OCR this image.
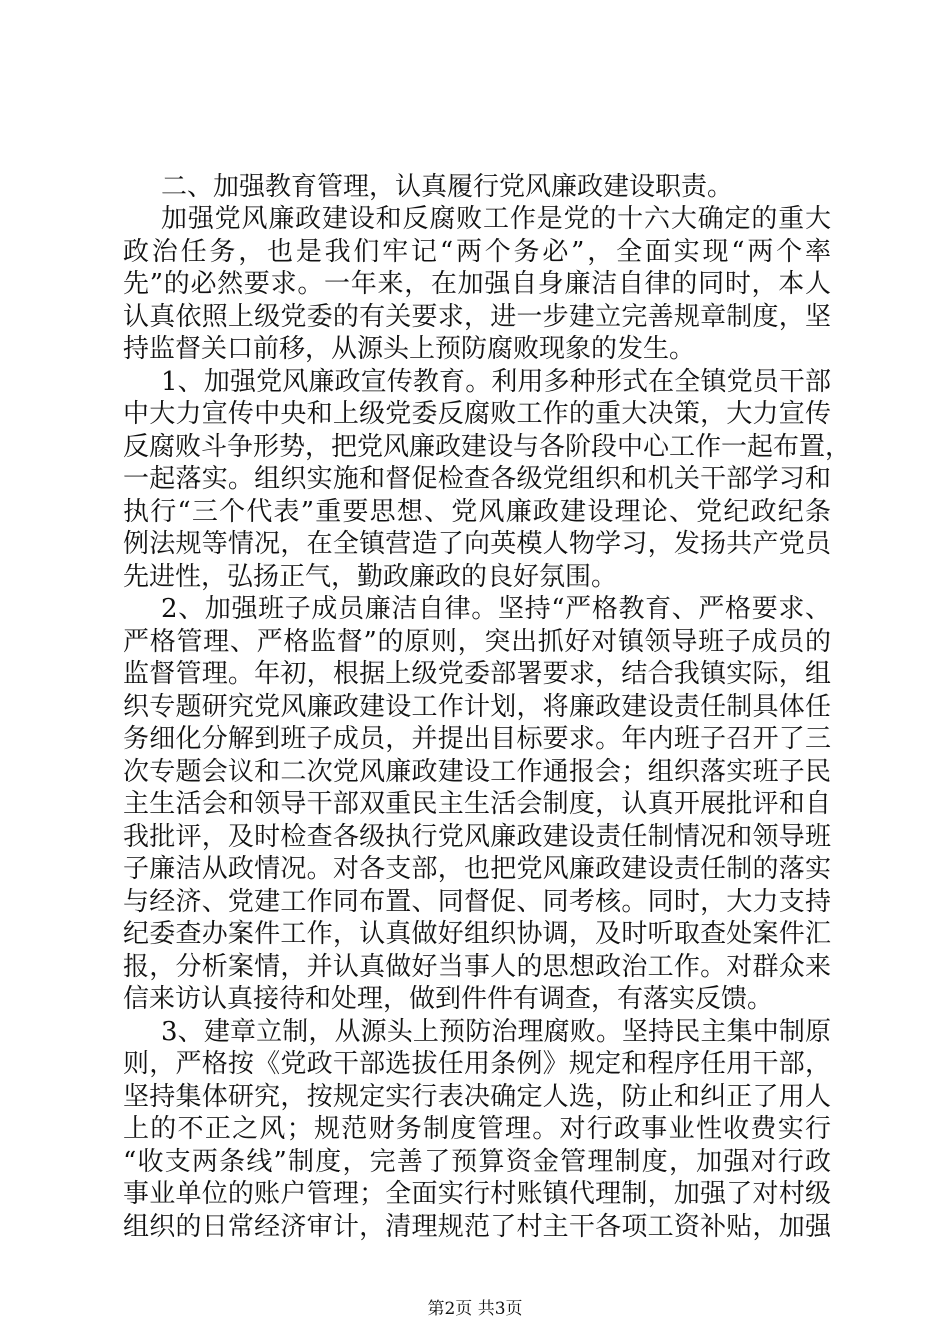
二、加强教育管理，认真履行党风廉政建设职责。
加强党风廉政建设和反腐败工作是党的十六大确定的重大
政治任务，也是我们牢记“两个务必”，全面实现“两个率
先”的必然要求。一年来，在加强自身廉洁自律的同时，本人
认真依照上级党委的有关要求，进一步建立完善规章制度，坚
持监督关口前移，从源头上预防腐败现象的发生。
1、加强党风廉政宣传教育。利用多种形式在全镇党员干部
中大力宣传中央和上级党委反腐败工作的重大决策，大力宣传
反腐败斗争形势，把党风廉政建设与各阶段中心工作一起布置，
一起落实。组织实施和督促检查各级党组织和机关干部学习和
执行“三个代表”重要思想、党风廉政建设理论、党纪政纪条
例法规等情况，在全镇营造了向英模人物学习，发扬共产党员
先进性，弘扬正气，勤政廉政的良好氛围。
2、加强班子成员廉洁自律。坚持“严格教育、严格要求、
严格管理、严格监督”的原则，突出抓好对镇领导班子成员的
监督管理。年初，根据上级党委部署要求，结合我镇实际，组
织专题研究党风廉政建设工作计划，将廉政建设责任制具体任
务细化分解到班子成员，并提出目标要求。年内班子召开了三
次专题会议和二次党风廉政建设工作通报会；组织落实班子民
主生活会和领导干部双重民主生活会制度，认真开展批评和自
我批评，及时检查各级执行党风廉政建设责任制情况和领导班
子廉洁从政情况。对各支部，也把党风廉政建设责任制的落实
与经济、党建工作同布置、同督促、同考核。同时，大力支持
纪委查办案件工作，认真做好组织协调，及时听取查处案件汇
报，分析案情，并认真做好当事人的思想政治工作。对群众来
信来访认真接待和处理，做到件件有调查，有落实反馈。
3、建章立制，从源头上预防治理腐败。坚持民主集中制原
则，严格按《党政干部选拔任用条例》规定和程序任用干部，
坚持集体研究，按规定实行表决确定人选，防止和纠正了用人
上的不正之风；规范财务制度管理。对行政事业性收费实行
“收支两条线”制度，完善了预算资金管理制度，加强对行政
事业单位的账户管理；全面实行村账镇代理制，加强了对村级
组织的日常经济审计，清理规范了村主干各项工资补贴，加强
第2页 共3页
